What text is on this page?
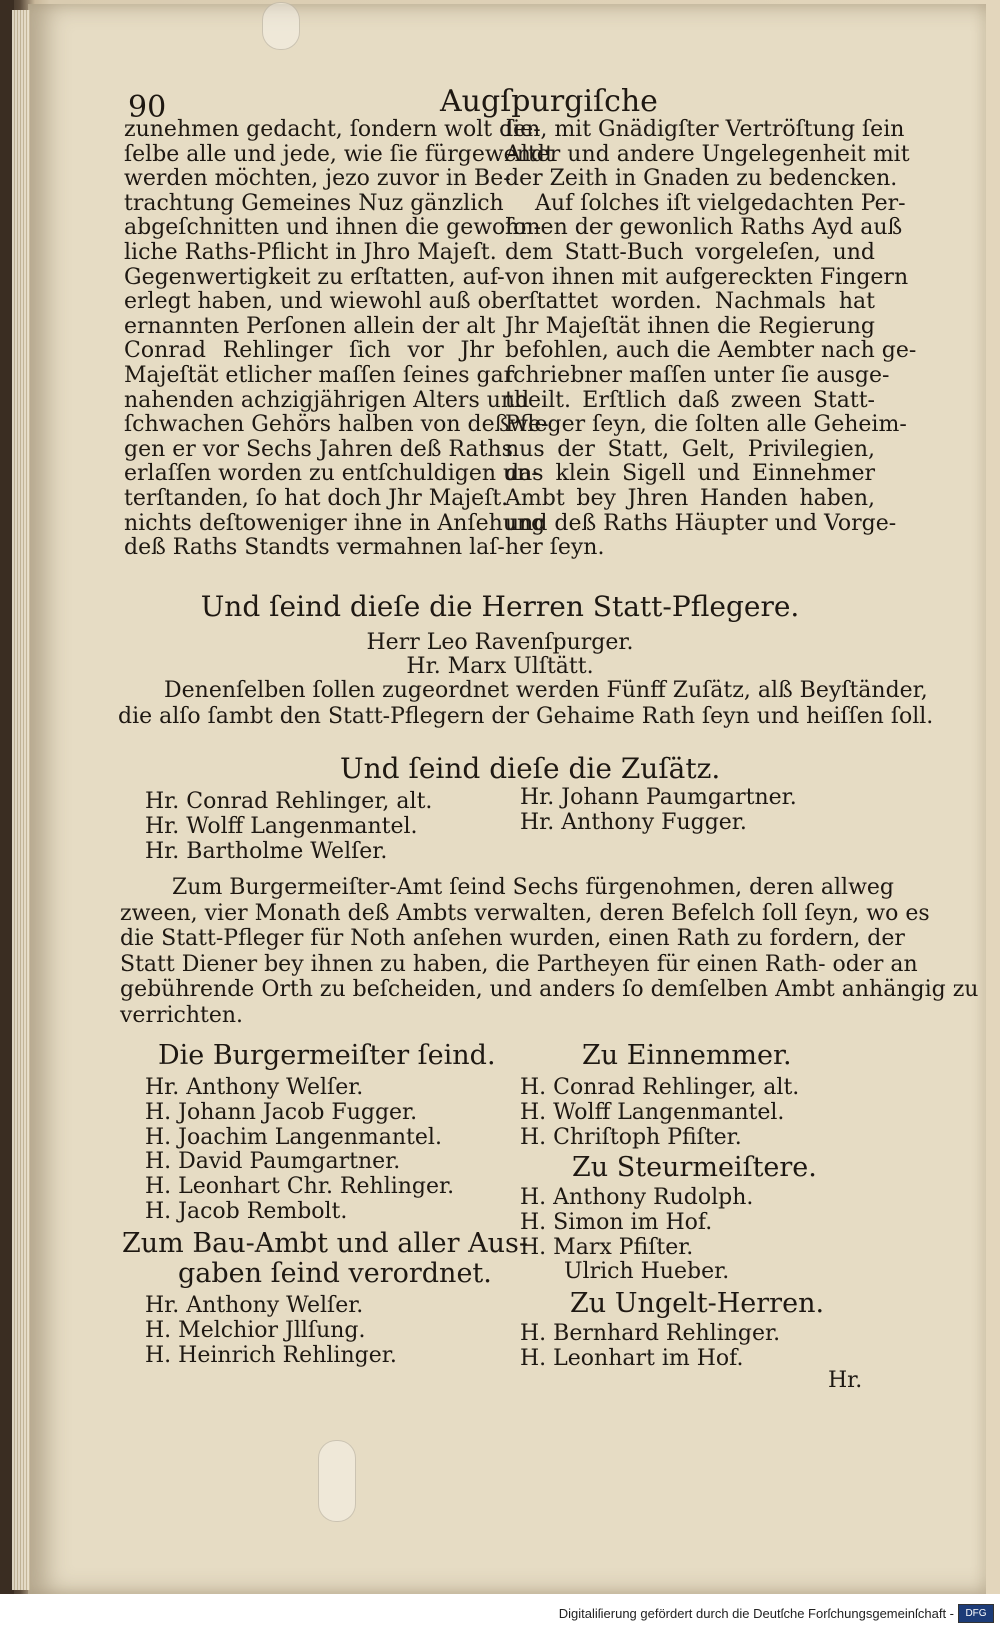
90	Augſpurgiſche
zunehmen gedacht, ſondern wolt die-
ſelbe alle und jede, wie ſie fürgewendt
werden möchten, jezo zuvor in Be-
trachtung Gemeines Nuz gänzlich
abgeſchnitten und ihnen die gewohn-
liche Raths-Pflicht in Jhro Majeſt.
Gegenwertigkeit zu erſtatten, auf-
erlegt haben, und wiewohl auß ob-
ernannten Perſonen allein der alt
Conrad Rehlinger ſich vor Jhr
Majeſtät etlicher maſſen ſeines gar
nahenden achzigjährigen Alters und
ſchwachen Gehörs halben von deßwe-
gen er vor Sechs Jahren deß Raths
erlaſſen worden zu entſchuldigen un-
terſtanden, ſo hat doch Jhr Majeſt.
nichts deſtoweniger ihne in Anſehung
deß Raths Standts vermahnen laſ-
ſen, mit Gnädigſter Vertröſtung ſein
Alter und andere Ungelegenheit mit
der Zeith in Gnaden zu bedencken.
Auf ſolches iſt vielgedachten Per-
ſonen der gewonlich Raths Ayd auß
dem Statt-Buch vorgeleſen, und
von ihnen mit aufgereckten Fingern
erſtattet worden. Nachmals hat
Jhr Majeſtät ihnen die Regierung
befohlen, auch die Aembter nach ge-
ſchriebner maſſen unter ſie ausge-
theilt. Erſtlich daß zween Statt-
Pfleger ſeyn, die ſolten alle Geheim-
nus der Statt, Gelt, Privilegien,
das klein Sigell und Einnehmer
Ambt bey Jhren Handen haben,
und deß Raths Häupter und Vorge-
her ſeyn.
Und ſeind dieſe die Herren Statt-Pflegere.
Herr Leo Ravenſpurger.
Hr. Marx Ulſtätt.
Denenſelben ſollen zugeordnet werden Fünff Zuſätz, alß Beyſtänder,
die alſo ſambt den Statt-Pflegern der Gehaime Rath ſeyn und heiſſen ſoll.
Und ſeind dieſe die Zuſätz.
Hr. Conrad Rehlinger, alt.
Hr. Wolff Langenmantel.
Hr. Bartholme Welſer.
Hr. Johann Paumgartner.
Hr. Anthony Fugger.
Zum Burgermeiſter-Amt ſeind Sechs fürgenohmen, deren allweg
zween, vier Monath deß Ambts verwalten, deren Befelch ſoll ſeyn, wo es
die Statt-Pfleger für Noth anſehen wurden, einen Rath zu fordern, der
Statt Diener bey ihnen zu haben, die Partheyen für einen Rath- oder an
gebührende Orth zu beſcheiden, und anders ſo demſelben Ambt anhängig zu
verrichten.
Die Burgermeiſter ſeind.
Hr. Anthony Welſer.
H. Johann Jacob Fugger.
H. Joachim Langenmantel.
H. David Paumgartner.
H. Leonhart Chr. Rehlinger.
H. Jacob Rembolt.
Zum Bau-Ambt und aller Aus-
gaben ſeind verordnet.
Hr. Anthony Welſer.
H. Melchior Jllſung.
H. Heinrich Rehlinger.
Zu Einnemmer.
H. Conrad Rehlinger, alt.
H. Wolff Langenmantel.
H. Chriſtoph Pfiſter.
Zu Steurmeiſtere.
H. Anthony Rudolph.
H. Simon im Hof.
H. Marx Pfiſter.
Ulrich Hueber.
Zu Ungelt-Herren.
H. Bernhard Rehlinger.
H. Leonhart im Hof.
Hr.
Digitaliſierung gefördert durch die Deutſche Forſchungsgemeinſchaft -	DFG
